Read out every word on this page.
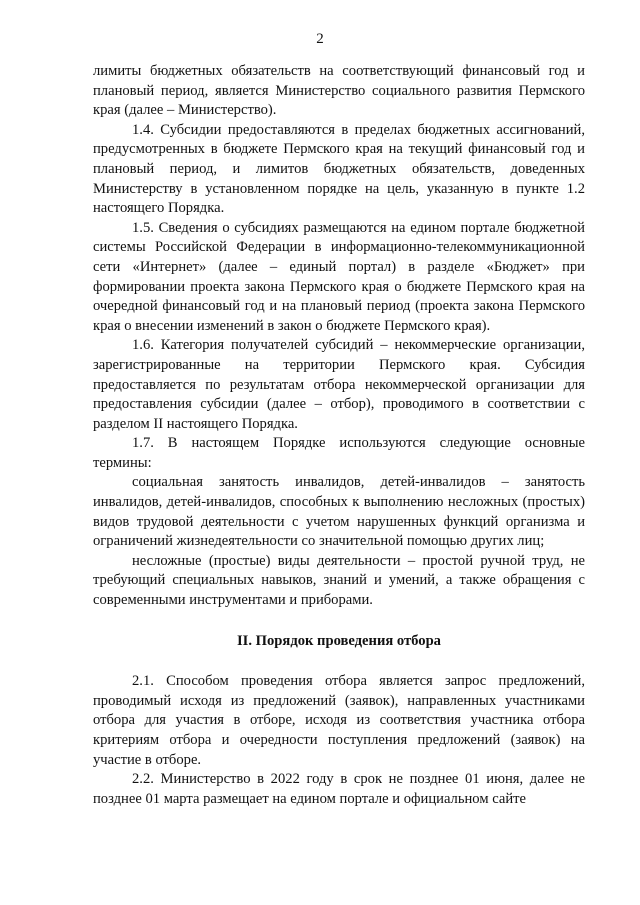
2

лимиты бюджетных обязательств на соответствующий финансовый год и плановый период, является Министерство социального развития Пермского края (далее – Министерство).

1.4. Субсидии предоставляются в пределах бюджетных ассигнований, предусмотренных в бюджете Пермского края на текущий финансовый год и плановый период, и лимитов бюджетных обязательств, доведенных Министерству в установленном порядке на цель, указанную в пункте 1.2 настоящего Порядка.

1.5. Сведения о субсидиях размещаются на едином портале бюджетной системы Российской Федерации в информационно-телекоммуникационной сети «Интернет» (далее – единый портал) в разделе «Бюджет» при формировании проекта закона Пермского края о бюджете Пермского края на очередной финансовый год и на плановый период (проекта закона Пермского края о внесении изменений в закон о бюджете Пермского края).

1.6. Категория получателей субсидий – некоммерческие организации, зарегистрированные на территории Пермского края. Субсидия предоставляется по результатам отбора некоммерческой организации для предоставления субсидии (далее – отбор), проводимого в соответствии с разделом II настоящего Порядка.

1.7. В настоящем Порядке используются следующие основные термины:

социальная занятость инвалидов, детей-инвалидов – занятость инвалидов, детей-инвалидов, способных к выполнению несложных (простых) видов трудовой деятельности с учетом нарушенных функций организма и ограничений жизнедеятельности со значительной помощью других лиц;

несложные (простые) виды деятельности – простой ручной труд, не требующий специальных навыков, знаний и умений, а также обращения с современными инструментами и приборами.

II. Порядок проведения отбора

2.1. Способом проведения отбора является запрос предложений, проводимый исходя из предложений (заявок), направленных участниками отбора для участия в отборе, исходя из соответствия участника отбора критериям отбора и очередности поступления предложений (заявок) на участие в отборе.

2.2. Министерство в 2022 году в срок не позднее 01 июня, далее не позднее 01 марта размещает на едином портале и официальном сайте
